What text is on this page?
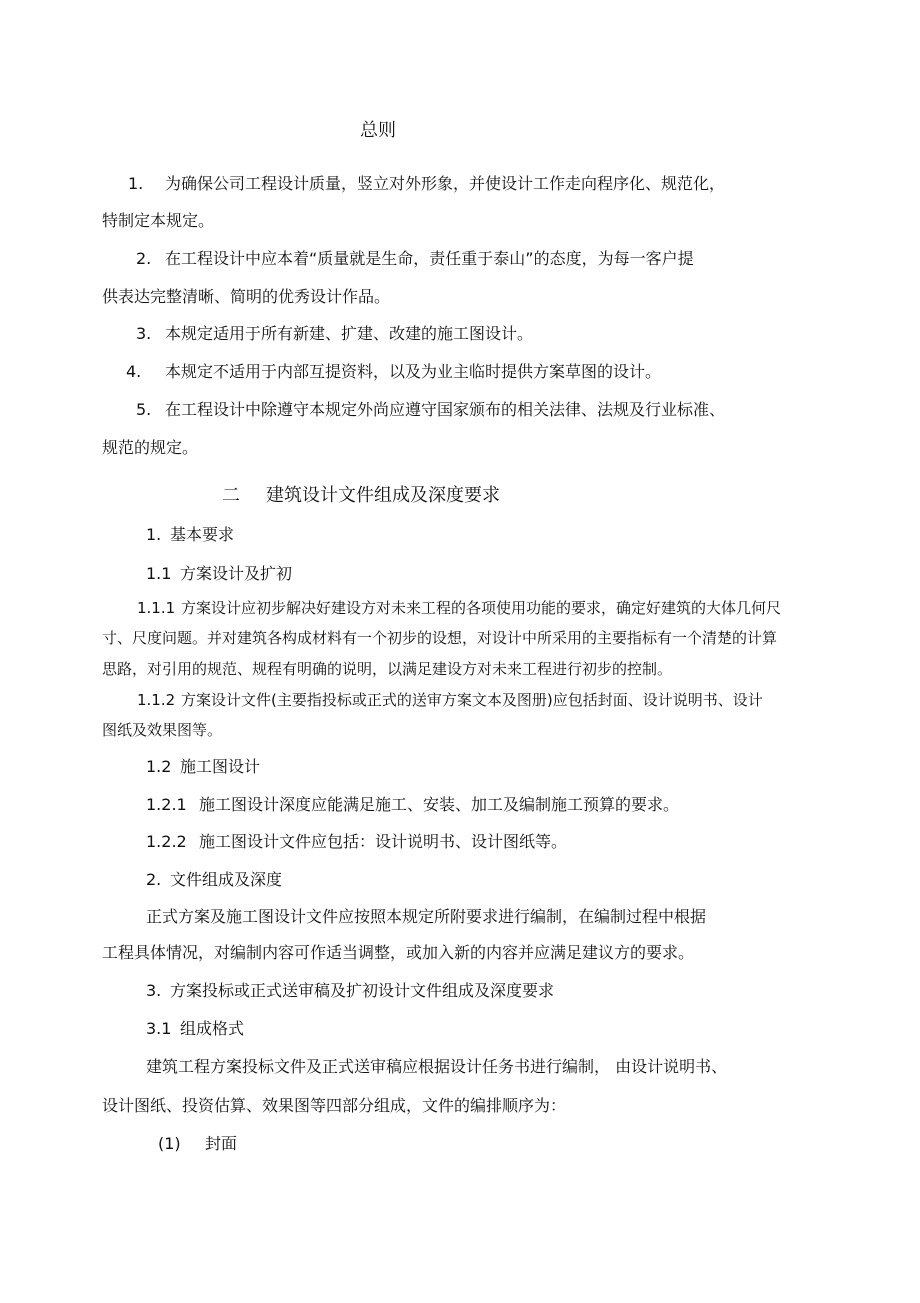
总则
1. 为确保公司工程设计质量，竖立对外形象，并使设计工作走向程序化、规范化，
特制定本规定。
2. 在工程设计中应本着“质量就是生命，责任重于泰山”的态度，为每一客户提
供表达完整清晰、简明的优秀设计作品。
3. 本规定适用于所有新建、扩建、改建的施工图设计。
4. 本规定不适用于内部互提资料，以及为业主临时提供方案草图的设计。
5. 在工程设计中除遵守本规定外尚应遵守国家颁布的相关法律、法规及行业标准、
规范的规定。
二 建筑设计文件组成及深度要求
1. 基本要求
1.1 方案设计及扩初
1.1.1 方案设计应初步解决好建设方对未来工程的各项使用功能的要求，确定好建筑的大体几何尺
寸、尺度问题。并对建筑各构成材料有一个初步的设想，对设计中所采用的主要指标有一个清楚的计算
思路，对引用的规范、规程有明确的说明，以满足建设方对未来工程进行初步的控制。
1.1.2 方案设计文件(主要指投标或正式的送审方案文本及图册)应包括封面、设计说明书、设计
图纸及效果图等。
1.2 施工图设计
1.2.1 施工图设计深度应能满足施工、安装、加工及编制施工预算的要求。
1.2.2 施工图设计文件应包括：设计说明书、设计图纸等。
2. 文件组成及深度
正式方案及施工图设计文件应按照本规定所附要求进行编制，在编制过程中根据
工程具体情况，对编制内容可作适当调整，或加入新的内容并应满足建议方的要求。
3. 方案投标或正式送审稿及扩初设计文件组成及深度要求
3.1 组成格式
建筑工程方案投标文件及正式送审稿应根据设计任务书进行编制， 由设计说明书、
设计图纸、投资估算、效果图等四部分组成，文件的编排顺序为：
(1) 封面
